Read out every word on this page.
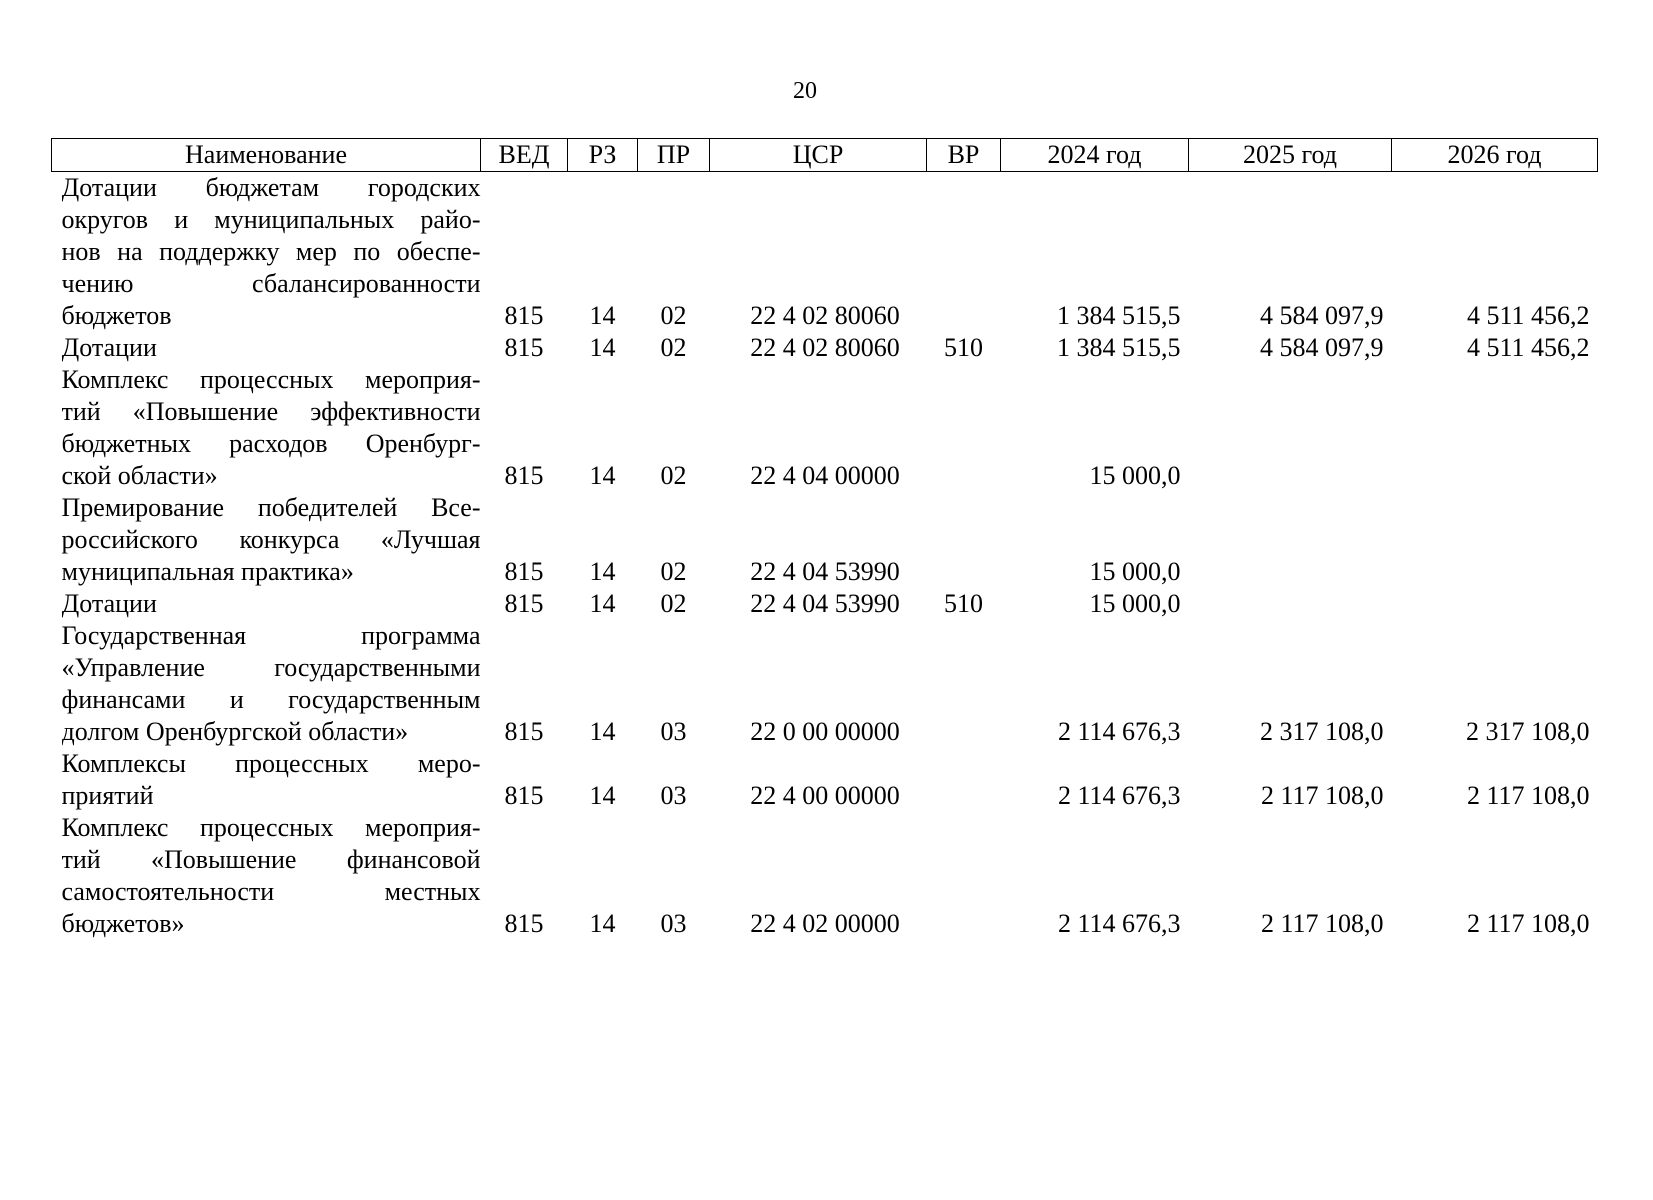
20
Наименование	ВЕД	РЗ	ПР	ЦСР	ВР	2024 год	2025 год	2026 год

Дотации бюджетам городских
округов и муниципальных райо-
нов на поддержку мер по обеспе-
чению сбалансированности
бюджетов	815	14	02	22 4 02 80060		1 384 515,5	4 584 097,9	4 511 456,2

Дотации	815	14	02	22 4 02 80060	510	1 384 515,5	4 584 097,9	4 511 456,2

Комплекс процессных мероприя-
тий «Повышение эффективности
бюджетных расходов Оренбург-
ской области»	815	14	02	22 4 04 00000		15 000,0		

Премирование победителей Все-
российского конкурса «Лучшая
муниципальная практика»	815	14	02	22 4 04 53990		15 000,0		

Дотации	815	14	02	22 4 04 53990	510	15 000,0		

Государственная программа
«Управление государственными
финансами и государственным
долгом Оренбургской области»	815	14	03	22 0 00 00000		2 114 676,3	2 317 108,0	2 317 108,0

Комплексы процессных меро-
приятий	815	14	03	22 4 00 00000		2 114 676,3	2 117 108,0	2 117 108,0

Комплекс процессных мероприя-
тий «Повышение финансовой
самостоятельности местных
бюджетов»	815	14	03	22 4 02 00000		2 114 676,3	2 117 108,0	2 117 108,0
